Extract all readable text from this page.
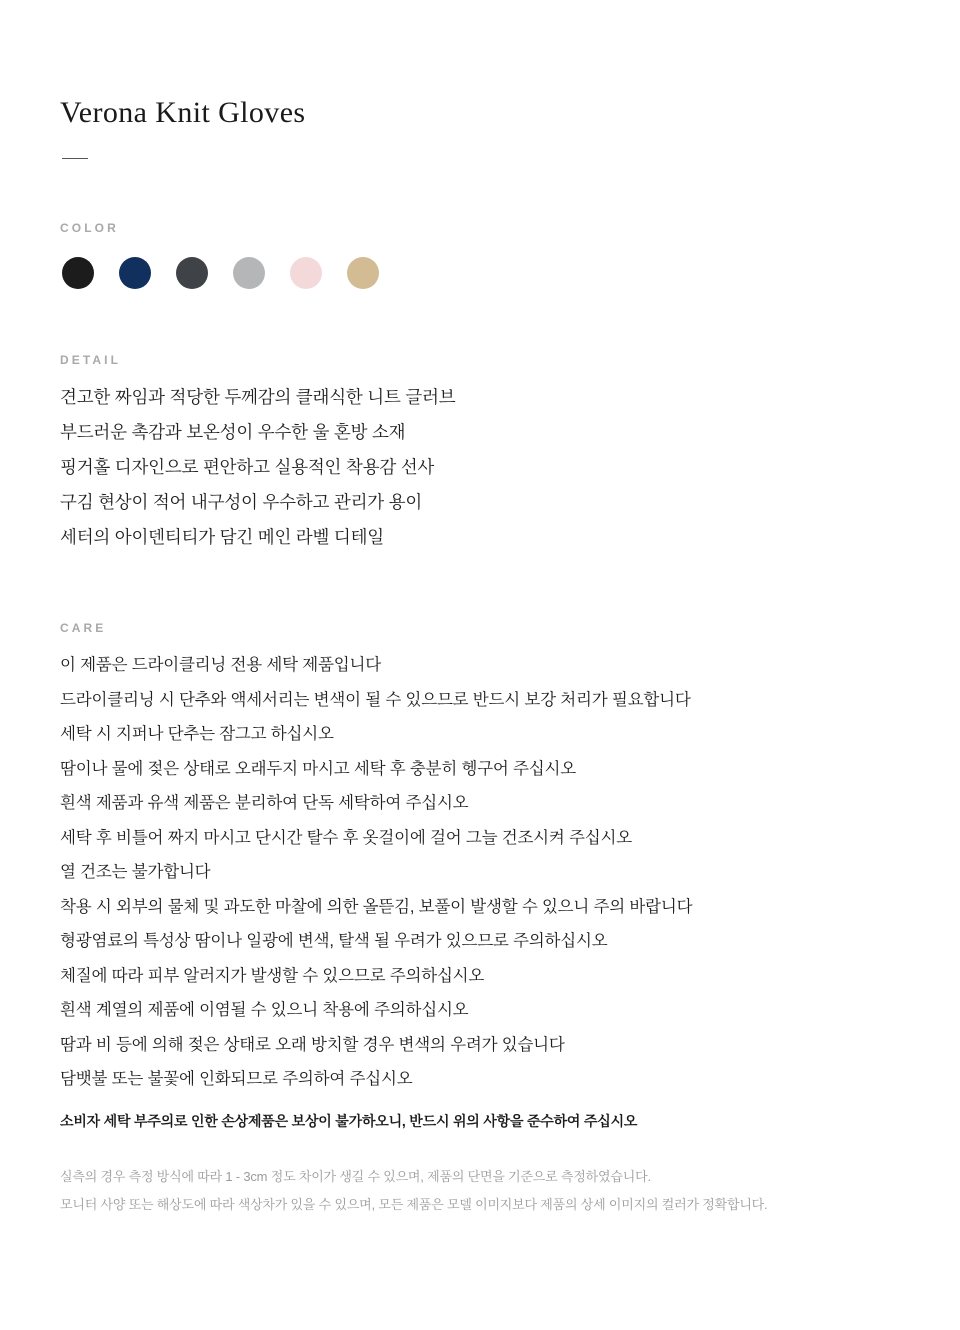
Verona Knit Gloves
COLOR
DETAIL
견고한 짜임과 적당한 두께감의 클래식한 니트 글러브
부드러운 촉감과 보온성이 우수한 울 혼방 소재
핑거홀 디자인으로 편안하고 실용적인 착용감 선사
구김 현상이 적어 내구성이 우수하고 관리가 용이
세터의 아이덴티티가 담긴 메인 라벨 디테일
CARE
이 제품은 드라이클리닝 전용 세탁 제품입니다
드라이클리닝 시 단추와 액세서리는 변색이 될 수 있으므로 반드시 보강 처리가 필요합니다
세탁 시 지퍼나 단추는 잠그고 하십시오
땀이나 물에 젖은 상태로 오래두지 마시고 세탁 후 충분히 헹구어 주십시오
흰색 제품과 유색 제품은 분리하여 단독 세탁하여 주십시오
세탁 후 비틀어 짜지 마시고 단시간 탈수 후 옷걸이에 걸어 그늘 건조시켜 주십시오
열 건조는 불가합니다
착용 시 외부의 물체 및 과도한 마찰에 의한 올뜯김, 보풀이 발생할 수 있으니 주의 바랍니다
형광염료의 특성상 땀이나 일광에 변색, 탈색 될 우려가 있으므로 주의하십시오
체질에 따라 피부 알러지가 발생할 수 있으므로 주의하십시오
흰색 계열의 제품에 이염될 수 있으니 착용에 주의하십시오
땀과 비 등에 의해 젖은 상태로 오래 방치할 경우 변색의 우려가 있습니다
담뱃불 또는 불꽃에 인화되므로 주의하여 주십시오
소비자 세탁 부주의로 인한 손상제품은 보상이 불가하오니, 반드시 위의 사항을 준수하여 주십시오

실측의 경우 측정 방식에 따라 1 - 3cm 정도 차이가 생길 수 있으며, 제품의 단면을 기준으로 측정하였습니다.

모니터 사양 또는 해상도에 따라 색상차가 있을 수 있으며, 모든 제품은 모델 이미지보다 제품의 상세 이미지의 컬러가 정확합니다.
